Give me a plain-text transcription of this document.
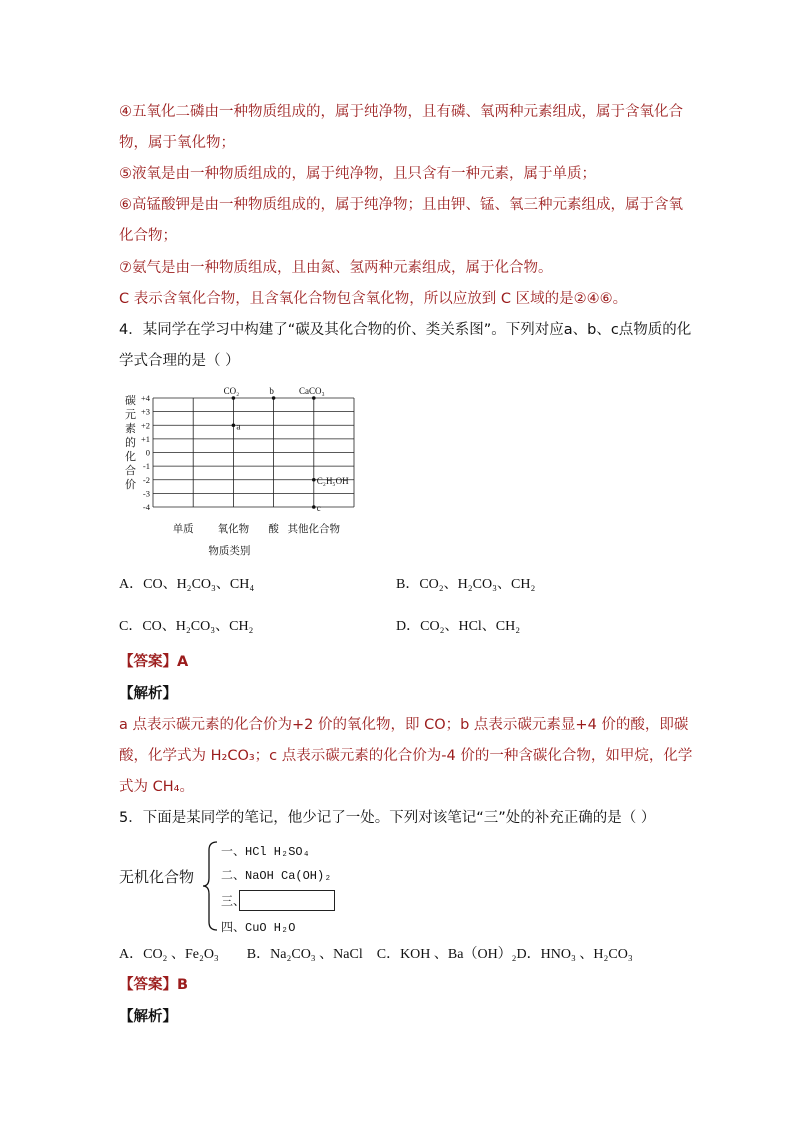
④五氧化二磷由一种物质组成的，属于纯净物，且有磷、氧两种元素组成，属于含氧化合
物，属于氧化物；
⑤液氧是由一种物质组成的，属于纯净物，且只含有一种元素，属于单质；
⑥高锰酸钾是由一种物质组成的，属于纯净物；且由钾、锰、氧三种元素组成，属于含氧
化合物；
⑦氨气是由一种物质组成，且由氮、氢两种元素组成，属于化合物。
C 表示含氧化合物，且含氧化合物包含氧化物，所以应放到 C 区域的是②④⑥。
4．某同学在学习中构建了“碳及其化合物的价、类关系图”。下列对应a、b、c点物质的化
学式合理的是（ ）
碳
元
素
的
化
合
价
+4
+3
+2
+1
0
-1
-2
-3
-4
单质 氧化物 酸 其他化合物
物质类别
CO₂	b	CaCO₃
a
C₂H₅OH
c
A．CO、H₂CO₃、CH₄	B．CO₂、H₂CO₃、CH₂
C．CO、H₂CO₃、CH₂	D．CO₂、HCl、CH₂
【答案】A
【解析】
a 点表示碳元素的化合价为+2 价的氧化物，即 CO；b 点表示碳元素显+4 价的酸，即碳
酸，化学式为 H₂CO₃；c 点表示碳元素的化合价为-4 价的一种含碳化合物，如甲烷，化学
式为 CH₄。
5．下面是某同学的笔记，他少记了一处。下列对该笔记“三”处的补充正确的是（ ）
无机化合物
一、HCl H₂SO₄
二、NaOH Ca(OH)₂
三、
四、CuO H₂O
A．CO₂ 、Fe₂O₃　　B．Na₂CO₃ 、NaCl　C．KOH 、Ba（OH）₂D．HNO₃ 、H₂CO₃
【答案】B
【解析】
